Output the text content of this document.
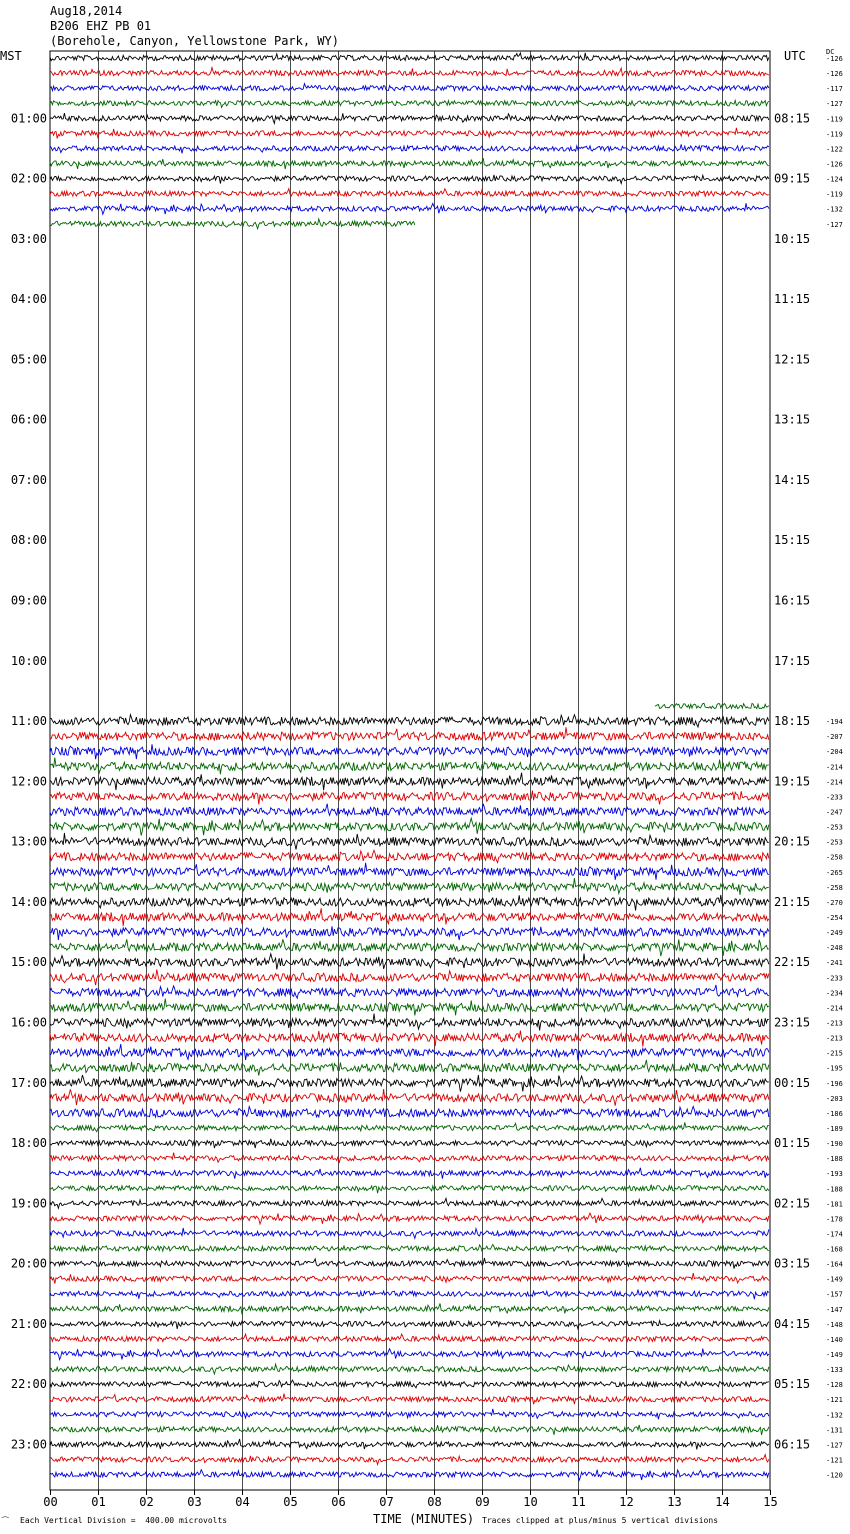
Aug18,2014
B206 EHZ PB 01
(Borehole, Canyon, Yellowstone Park, WY)
01:00
02:00
03:00
04:00
05:00
06:00
07:00
08:00
09:00
10:00
11:00
12:00
13:00
14:00
15:00
16:00
17:00
18:00
19:00
20:00
21:00
22:00
23:00
08:15
09:15
10:15
11:15
12:15
13:15
14:15
15:15
16:15
17:15
18:15
19:15
20:15
21:15
22:15
23:15
00:15
01:15
02:15
03:15
04:15
05:15
06:15
-126
-126
-117
-127
-119
-119
-122
-126
-124
-119
-132
-127
-194
-207
-204
-214
-214
-233
-247
-253
-253
-258
-265
-258
-270
-254
-249
-248
-241
-233
-234
-214
-213
-213
-215
-195
-196
-203
-186
-189
-190
-188
-193
-188
-181
-178
-174
-168
-164
-149
-157
-147
-148
-140
-149
-133
-128
-121
-132
-131
-127
-121
-120
00	01	02	03	04	05	06	07	08	09	10	11	12	13	14	15
MST	UTC	DC
⁀ Each Vertical Division =  400.00 microvolts	TIME (MINUTES) Traces clipped at plus/minus 5 vertical divisions
